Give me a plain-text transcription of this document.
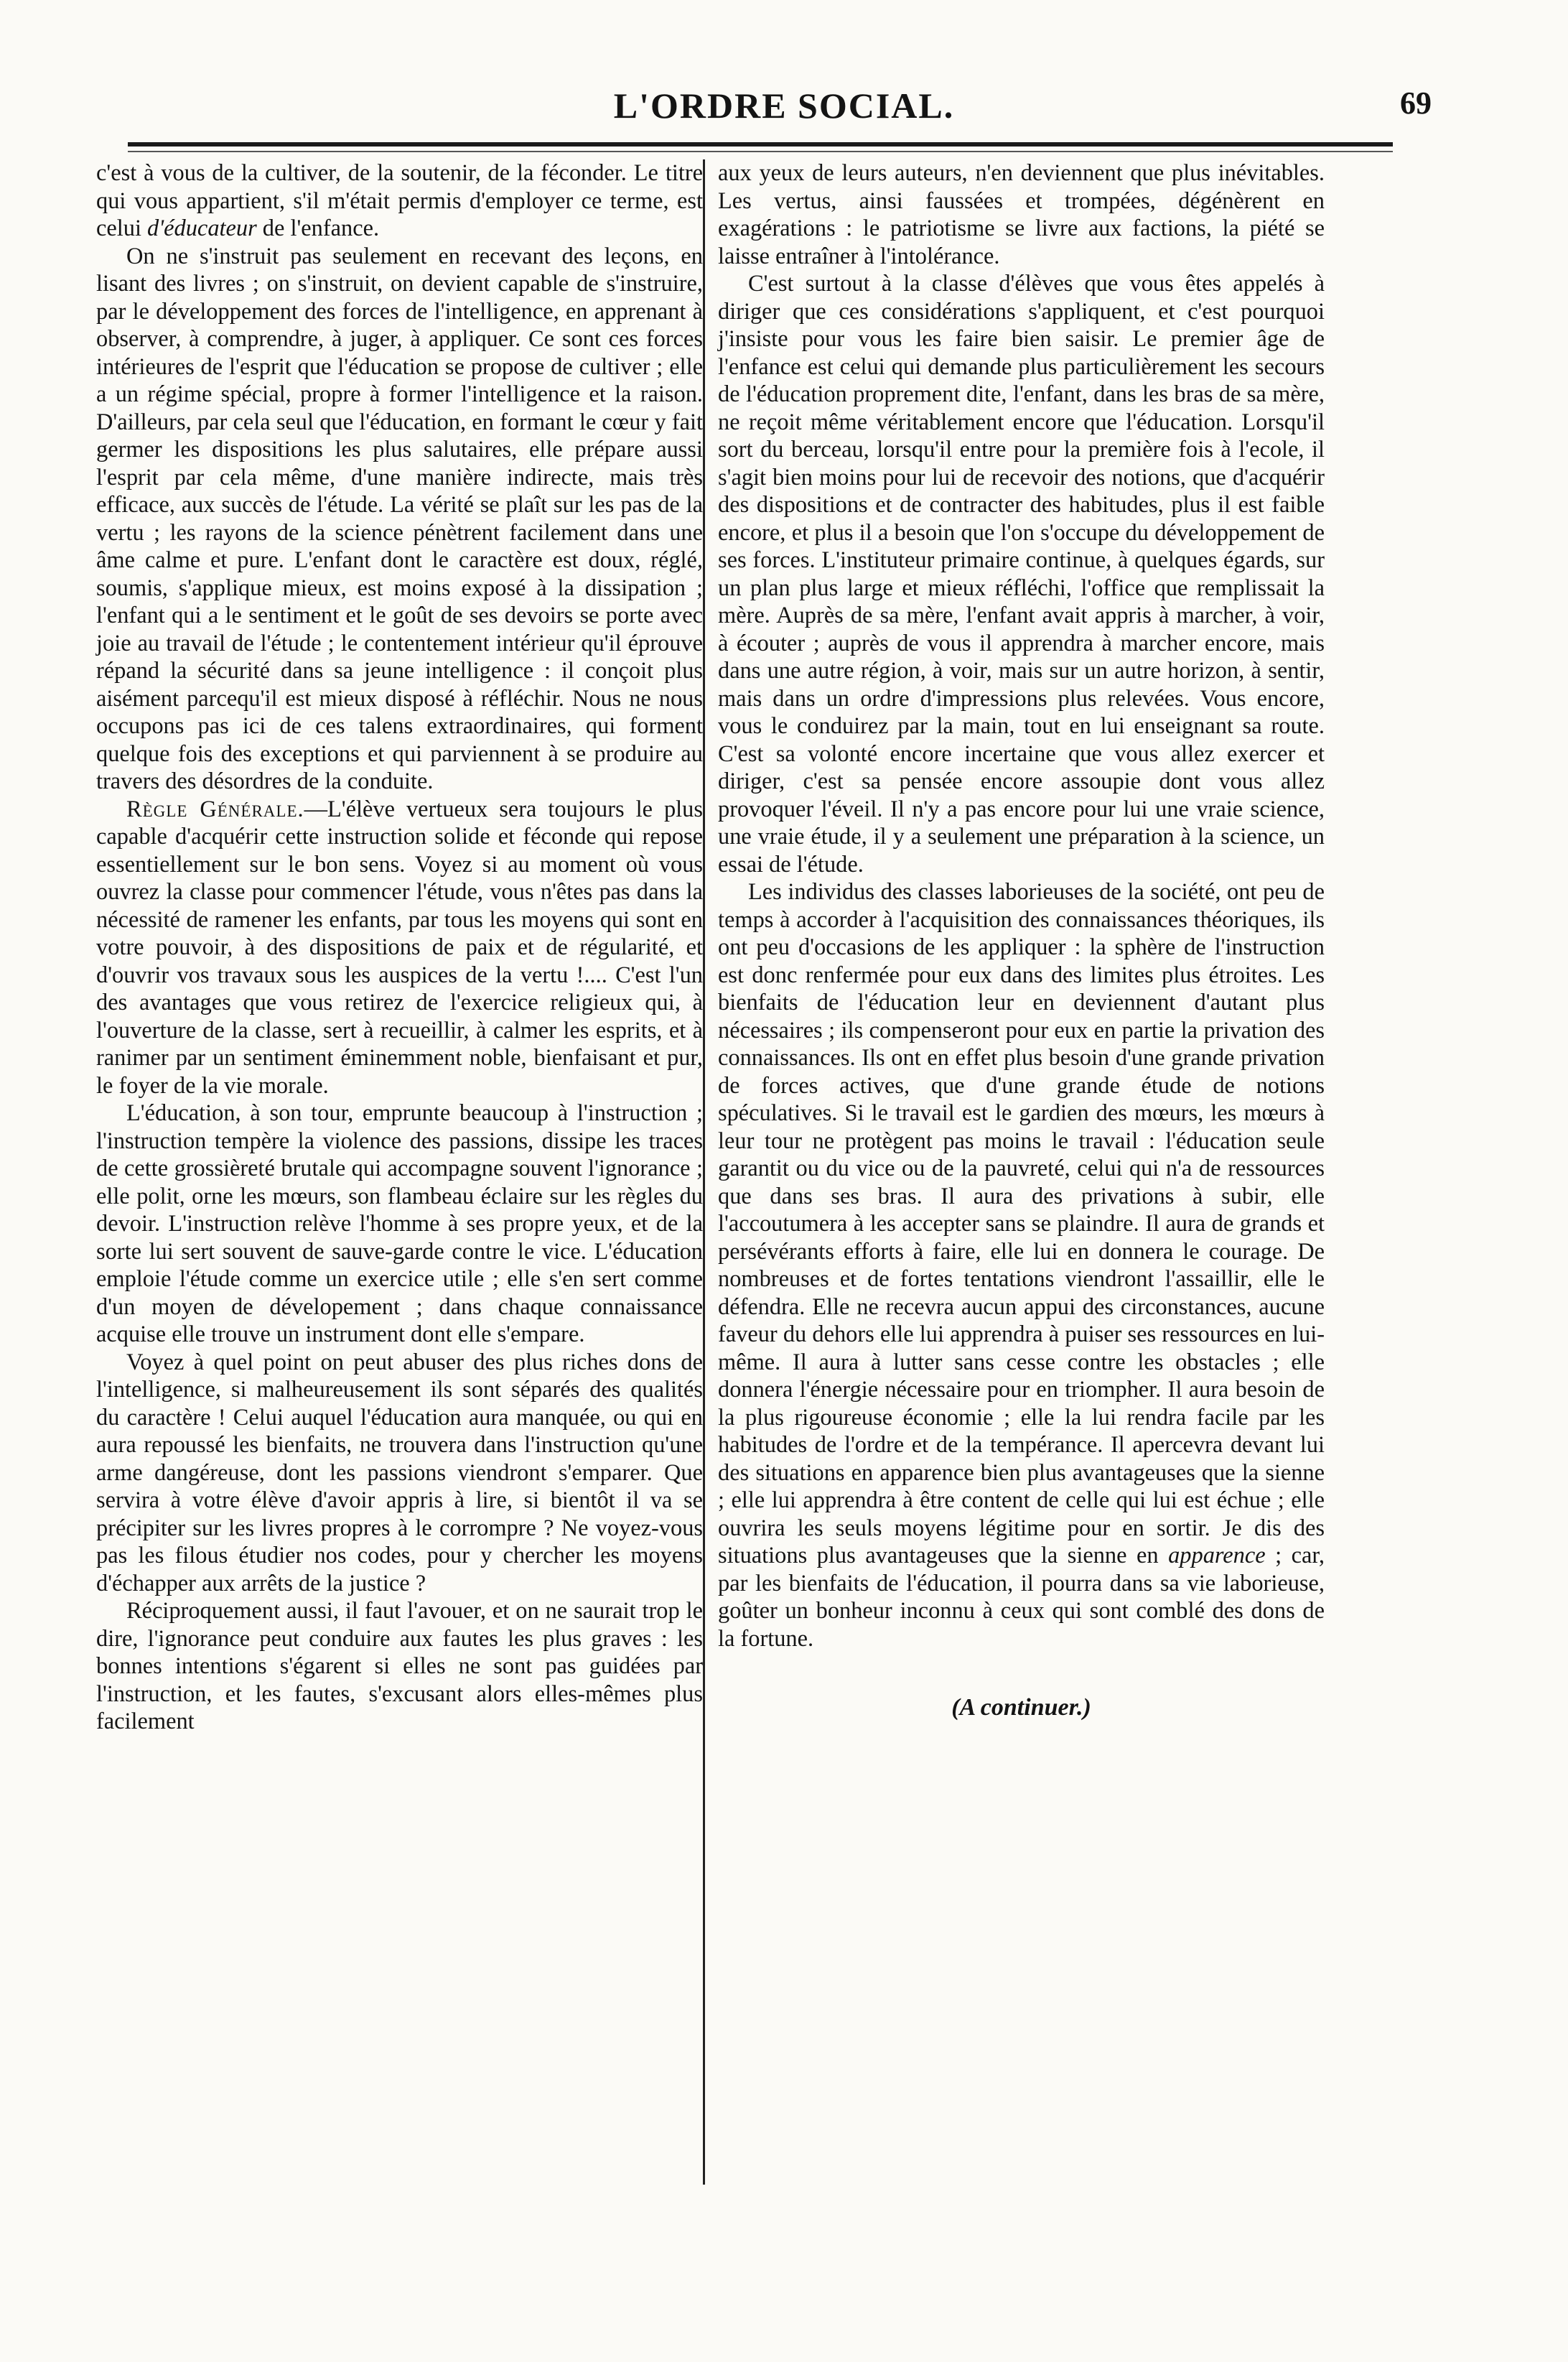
L'ORDRE SOCIAL.	69

c'est à vous de la cultiver, de la soutenir, de la féconder. Le titre qui vous appartient, s'il m'était permis d'employer ce terme, est celui d'éducateur de l'enfance.

On ne s'instruit pas seulement en recevant des leçons, en lisant des livres ; on s'instruit, on devient capable de s'instruire, par le développement des forces de l'intelligence, en apprenant à observer, à comprendre, à juger, à appliquer. Ce sont ces forces intérieures de l'esprit que l'éducation se propose de cultiver ; elle a un régime spécial, propre à former l'intelligence et la raison. D'ailleurs, par cela seul que l'éducation, en formant le cœur y fait germer les dispositions les plus salutaires, elle prépare aussi l'esprit par cela même, d'une manière indirecte, mais très efficace, aux succès de l'étude. La vérité se plaît sur les pas de la vertu ; les rayons de la science pénètrent facilement dans une âme calme et pure. L'enfant dont le caractère est doux, réglé, soumis, s'applique mieux, est moins exposé à la dissipation ; l'enfant qui a le sentiment et le goût de ses devoirs se porte avec joie au travail de l'étude ; le contentement intérieur qu'il éprouve répand la sécurité dans sa jeune intelligence : il conçoit plus aisément parcequ'il est mieux disposé à réfléchir. Nous ne nous occupons pas ici de ces talens extraordinaires, qui forment quelque fois des exceptions et qui parviennent à se produire au travers des désordres de la conduite.

Règle Générale.—L'élève vertueux sera toujours le plus capable d'acquérir cette instruction solide et féconde qui repose essentiellement sur le bon sens. Voyez si au moment où vous ouvrez la classe pour commencer l'étude, vous n'êtes pas dans la nécessité de ramener les enfants, par tous les moyens qui sont en votre pouvoir, à des dispositions de paix et de régularité, et d'ouvrir vos travaux sous les auspices de la vertu !.... C'est l'un des avantages que vous retirez de l'exercice religieux qui, à l'ouverture de la classe, sert à recueillir, à calmer les esprits, et à ranimer par un sentiment éminemment noble, bienfaisant et pur, le foyer de la vie morale.

L'éducation, à son tour, emprunte beaucoup à l'instruction ; l'instruction tempère la violence des passions, dissipe les traces de cette grossièreté brutale qui accompagne souvent l'ignorance ; elle polit, orne les mœurs, son flambeau éclaire sur les règles du devoir. L'instruction relève l'homme à ses propre yeux, et de la sorte lui sert souvent de sauve-garde contre le vice. L'éducation emploie l'étude comme un exercice utile ; elle s'en sert comme d'un moyen de dévelopement ; dans chaque connaissance acquise elle trouve un instrument dont elle s'empare.

Voyez à quel point on peut abuser des plus riches dons de l'intelligence, si malheureusement ils sont séparés des qualités du caractère ! Celui auquel l'éducation aura manquée, ou qui en aura repoussé les bienfaits, ne trouvera dans l'instruction qu'une arme dangéreuse, dont les passions viendront s'emparer. Que servira à votre élève d'avoir appris à lire, si bientôt il va se précipiter sur les livres propres à le corrompre ? Ne voyez-vous pas les filous étudier nos codes, pour y chercher les moyens d'échapper aux arrêts de la justice ?

Réciproquement aussi, il faut l'avouer, et on ne saurait trop le dire, l'ignorance peut conduire aux fautes les plus graves : les bonnes intentions s'égarent si elles ne sont pas guidées par l'instruction, et les fautes, s'excusant alors elles-mêmes plus facilement

aux yeux de leurs auteurs, n'en deviennent que plus inévitables. Les vertus, ainsi faussées et trompées, dégénèrent en exagérations : le patriotisme se livre aux factions, la piété se laisse entraîner à l'intolérance.

C'est surtout à la classe d'élèves que vous êtes appelés à diriger que ces considérations s'appliquent, et c'est pourquoi j'insiste pour vous les faire bien saisir. Le premier âge de l'enfance est celui qui demande plus particulièrement les secours de l'éducation proprement dite, l'enfant, dans les bras de sa mère, ne reçoit même véritablement encore que l'éducation. Lorsqu'il sort du berceau, lorsqu'il entre pour la première fois à l'ecole, il s'agit bien moins pour lui de recevoir des notions, que d'acquérir des dispositions et de contracter des habitudes, plus il est faible encore, et plus il a besoin que l'on s'occupe du développement de ses forces. L'instituteur primaire continue, à quelques égards, sur un plan plus large et mieux réfléchi, l'office que remplissait la mère. Auprès de sa mère, l'enfant avait appris à marcher, à voir, à écouter ; auprès de vous il apprendra à marcher encore, mais dans une autre région, à voir, mais sur un autre horizon, à sentir, mais dans un ordre d'impressions plus relevées. Vous encore, vous le conduirez par la main, tout en lui enseignant sa route. C'est sa volonté encore incertaine que vous allez exercer et diriger, c'est sa pensée encore assoupie dont vous allez provoquer l'éveil. Il n'y a pas encore pour lui une vraie science, une vraie étude, il y a seulement une préparation à la science, un essai de l'étude.

Les individus des classes laborieuses de la société, ont peu de temps à accorder à l'acquisition des connaissances théoriques, ils ont peu d'occasions de les appliquer : la sphère de l'instruction est donc renfermée pour eux dans des limites plus étroites. Les bienfaits de l'éducation leur en deviennent d'autant plus nécessaires ; ils compenseront pour eux en partie la privation des connaissances. Ils ont en effet plus besoin d'une grande privation de forces actives, que d'une grande étude de notions spéculatives. Si le travail est le gardien des mœurs, les mœurs à leur tour ne protègent pas moins le travail : l'éducation seule garantit ou du vice ou de la pauvreté, celui qui n'a de ressources que dans ses bras. Il aura des privations à subir, elle l'accoutumera à les accepter sans se plaindre. Il aura de grands et persévérants efforts à faire, elle lui en donnera le courage. De nombreuses et de fortes tentations viendront l'assaillir, elle le défendra. Elle ne recevra aucun appui des circonstances, aucune faveur du dehors elle lui apprendra à puiser ses ressources en lui-même. Il aura à lutter sans cesse contre les obstacles ; elle donnera l'énergie nécessaire pour en triompher. Il aura besoin de la plus rigoureuse économie ; elle la lui rendra facile par les habitudes de l'ordre et de la tempérance. Il apercevra devant lui des situations en apparence bien plus avantageuses que la sienne ; elle lui apprendra à être content de celle qui lui est échue ; elle ouvrira les seuls moyens légitime pour en sortir. Je dis des situations plus avantageuses que la sienne en apparence ; car, par les bienfaits de l'éducation, il pourra dans sa vie laborieuse, goûter un bonheur inconnu à ceux qui sont comblé des dons de la fortune.

(A continuer.)
